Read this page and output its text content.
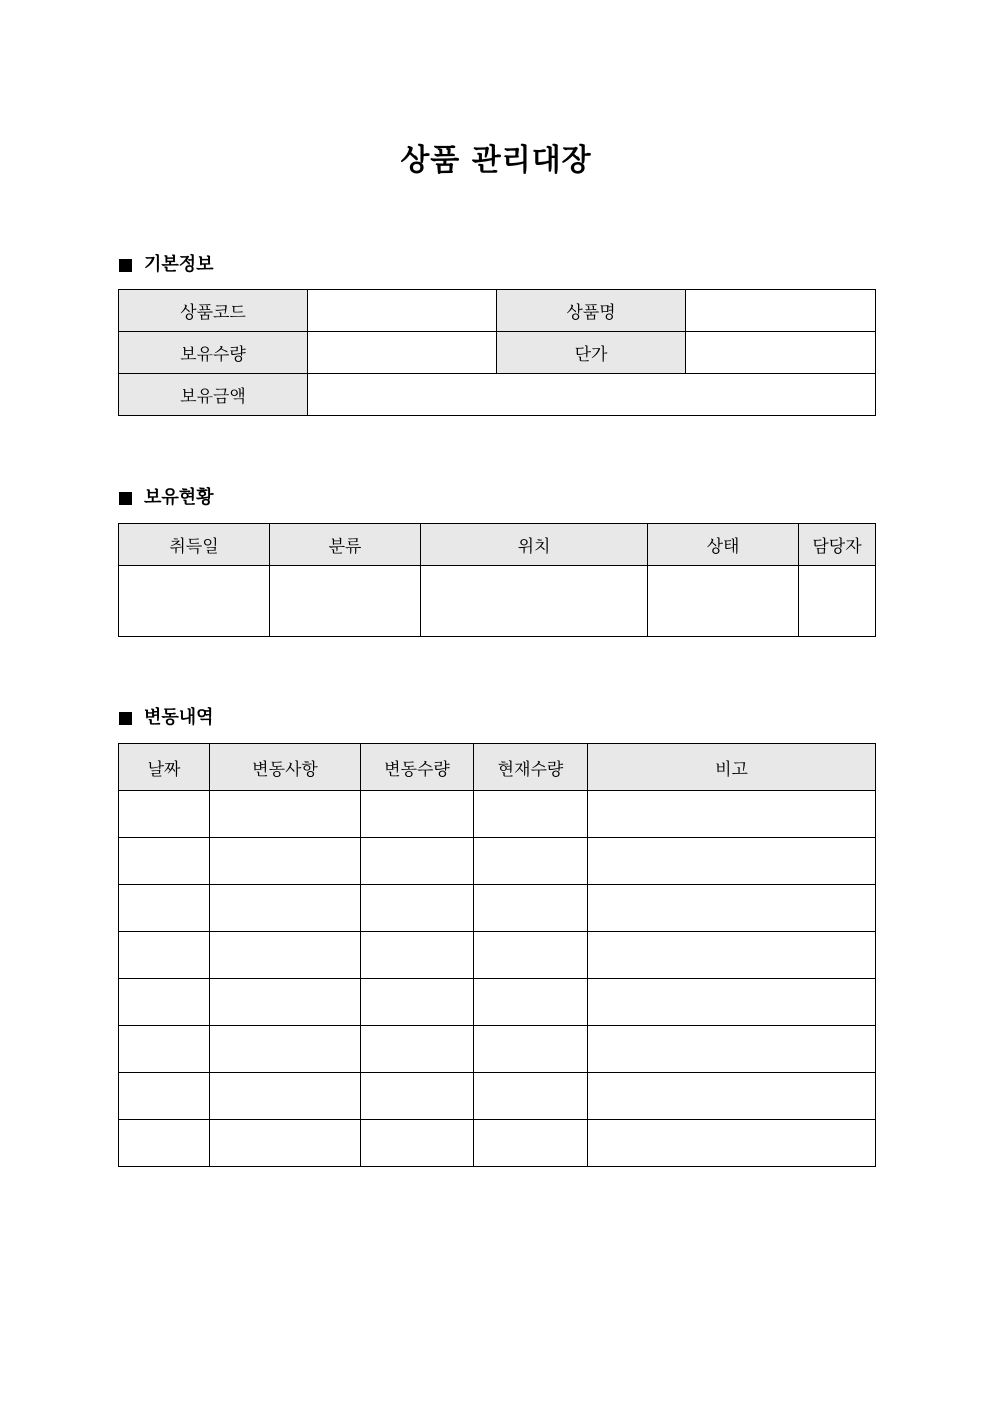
상품 관리대장
기본정보
상품코드		상품명	
보유수량		단가	
보유금액			
보유현황
취득일	분류	위치	상태	담당자

변동내역
날짜	변동사항	변동수량	현재수량	비고
